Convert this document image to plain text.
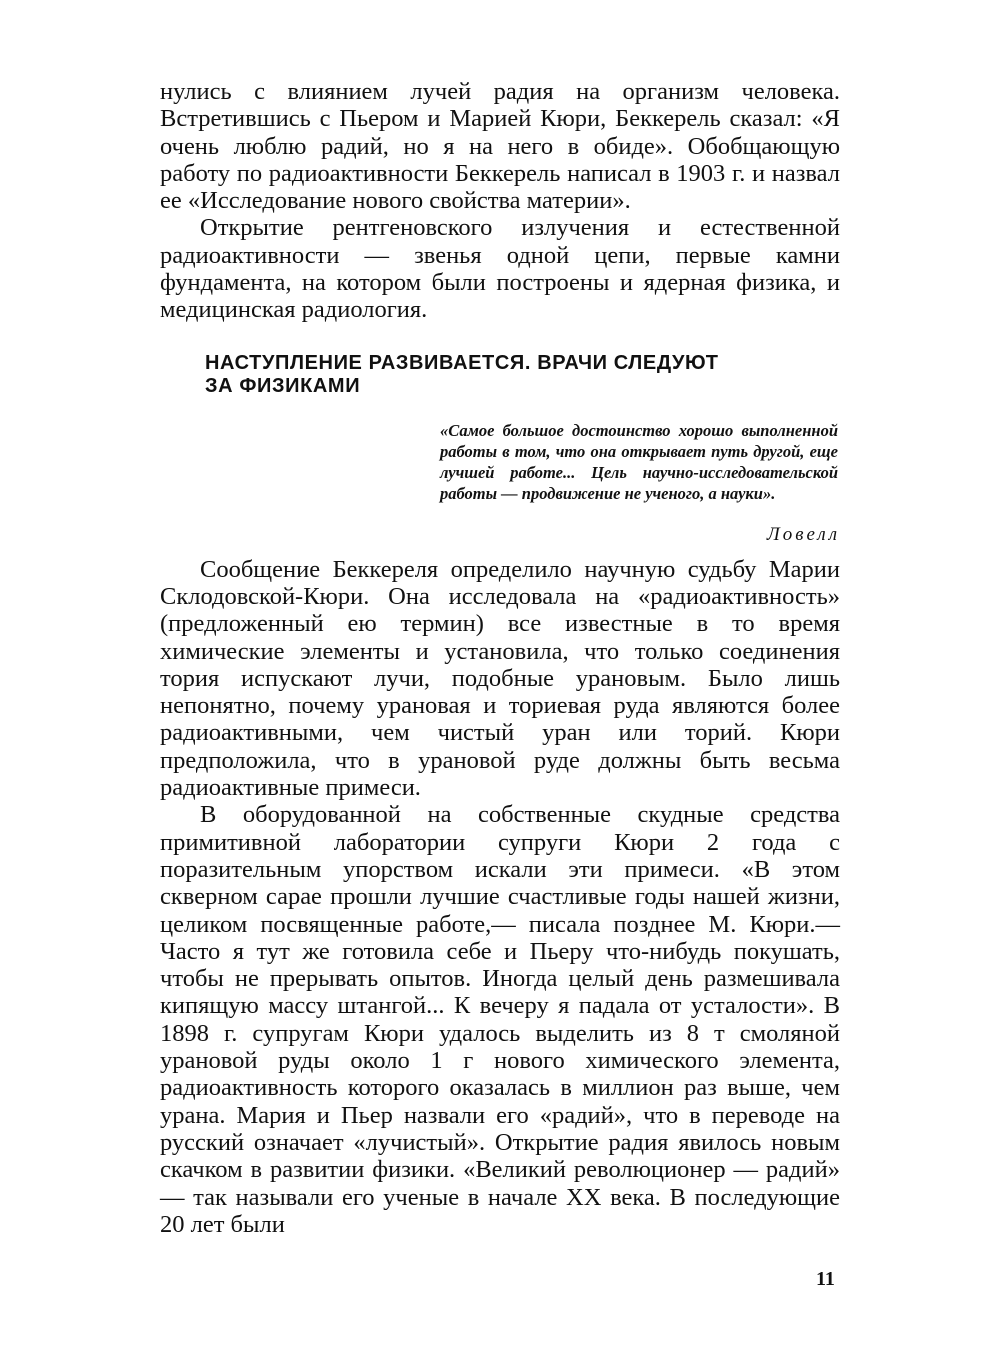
нулись с влиянием лучей радия на организм человека. Встретившись с Пьером и Марией Кюри, Беккерель сказал: «Я очень люблю радий, но я на него в обиде». Обобщающую работу по радиоактивности Беккерель написал в 1903 г. и назвал ее «Исследование нового свойства материи».

Открытие рентгеновского излучения и естественной радиоактивности — звенья одной цепи, первые камни фундамента, на котором были построены и ядерная физика, и медицинская радиология.

НАСТУПЛЕНИЕ РАЗВИВАЕТСЯ. ВРАЧИ СЛЕДУЮТ
ЗА ФИЗИКАМИ
«Самое большое достоинство хорошо выполненной работы в том, что она открывает путь другой, еще лучшей работе... Цель научно-исследовательской работы — продвижение не ученого, а науки».
Ловелл

Сообщение Беккереля определило научную судьбу Марии Склодовской-Кюри. Она исследовала на «радиоактивность» (предложенный ею термин) все известные в то время химические элементы и установила, что только соединения тория испускают лучи, подобные урановым. Было лишь непонятно, почему урановая и ториевая руда являются более радиоактивными, чем чистый уран или торий. Кюри предположила, что в урановой руде должны быть весьма радиоактивные примеси.

В оборудованной на собственные скудные средства примитивной лаборатории супруги Кюри 2 года с поразительным упорством искали эти примеси. «В этом скверном сарае прошли лучшие счастливые годы нашей жизни, целиком посвященные работе,— писала позднее М. Кюри.— Часто я тут же готовила себе и Пьеру что-нибудь покушать, чтобы не прерывать опытов. Иногда целый день размешивала кипящую массу штангой... К вечеру я падала от усталости». В 1898 г. супругам Кюри удалось выделить из 8 т смоляной урановой руды около 1 г нового химического элемента, радиоактивность которого оказалась в миллион раз выше, чем урана. Мария и Пьер назвали его «радий», что в переводе на русский означает «лучистый». Открытие радия явилось новым скачком в развитии физики. «Великий революционер — радий» — так называли его ученые в начале XX века. В последующие 20 лет были

11
